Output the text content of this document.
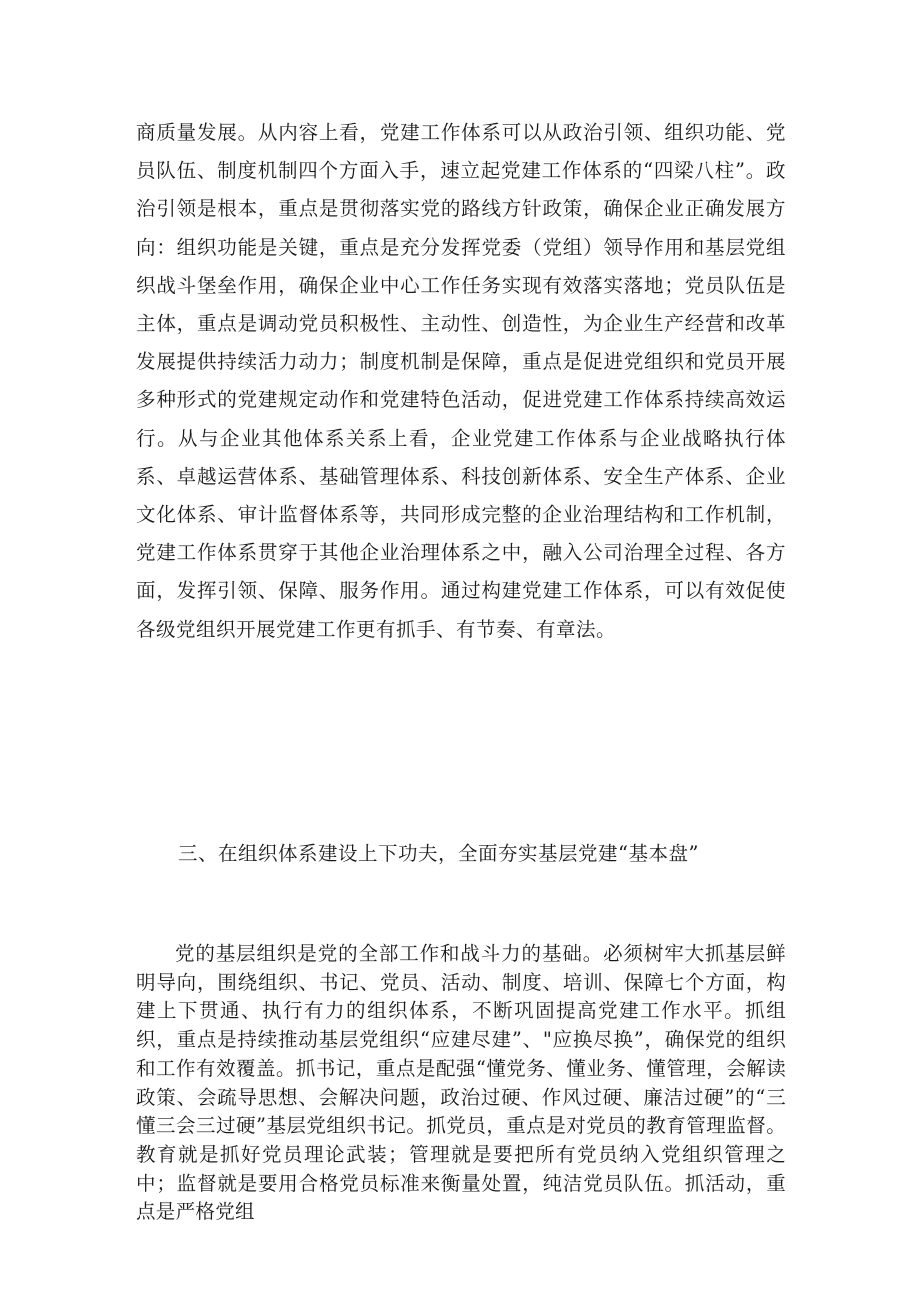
商质量发展。从内容上看，党建工作体系可以从政治引领、组织功能、党员队伍、制度机制四个方面入手，速立起党建工作体系的“四梁八柱”。政治引领是根本，重点是贯彻落实党的路线方针政策，确保企业正确发展方向：组织功能是关键，重点是充分发挥党委（党组）领导作用和基层党组织战斗堡垒作用，确保企业中心工作任务实现有效落实落地；党员队伍是主体，重点是调动党员积极性、主动性、创造性，为企业生产经营和改革发展提供持续活力动力；制度机制是保障，重点是促进党组织和党员开展多种形式的党建规定动作和党建特色活动，促进党建工作体系持续高效运行。从与企业其他体系关系上看，企业党建工作体系与企业战略执行体系、卓越运营体系、基础管理体系、科技创新体系、安全生产体系、企业文化体系、审计监督体系等，共同形成完整的企业治理结构和工作机制，党建工作体系贯穿于其他企业治理体系之中，融入公司治理全过程、各方面，发挥引领、保障、服务作用。通过构建党建工作体系，可以有效促使各级党组织开展党建工作更有抓手、有节奏、有章法。

三、在组织体系建设上下功夫，全面夯实基层党建“基本盘”

党的基层组织是党的全部工作和战斗力的基础。必须树牢大抓基层鲜明导向，围绕组织、书记、党员、活动、制度、培训、保障七个方面，构建上下贯通、执行有力的组织体系，不断巩固提高党建工作水平。抓组织，重点是持续推动基层党组织“应建尽建”、"应换尽换”，确保党的组织和工作有效覆盖。抓书记，重点是配强“懂党务、懂业务、懂管理，会解读政策、会疏导思想、会解决问题，政治过硬、作风过硬、廉洁过硬”的“三懂三会三过硬”基层党组织书记。抓党员，重点是对党员的教育管理监督。教育就是抓好党员理论武装；管理就是要把所有党员纳入党组织管理之中；监督就是要用合格党员标准来衡量处置，纯洁党员队伍。抓活动，重点是严格党组
